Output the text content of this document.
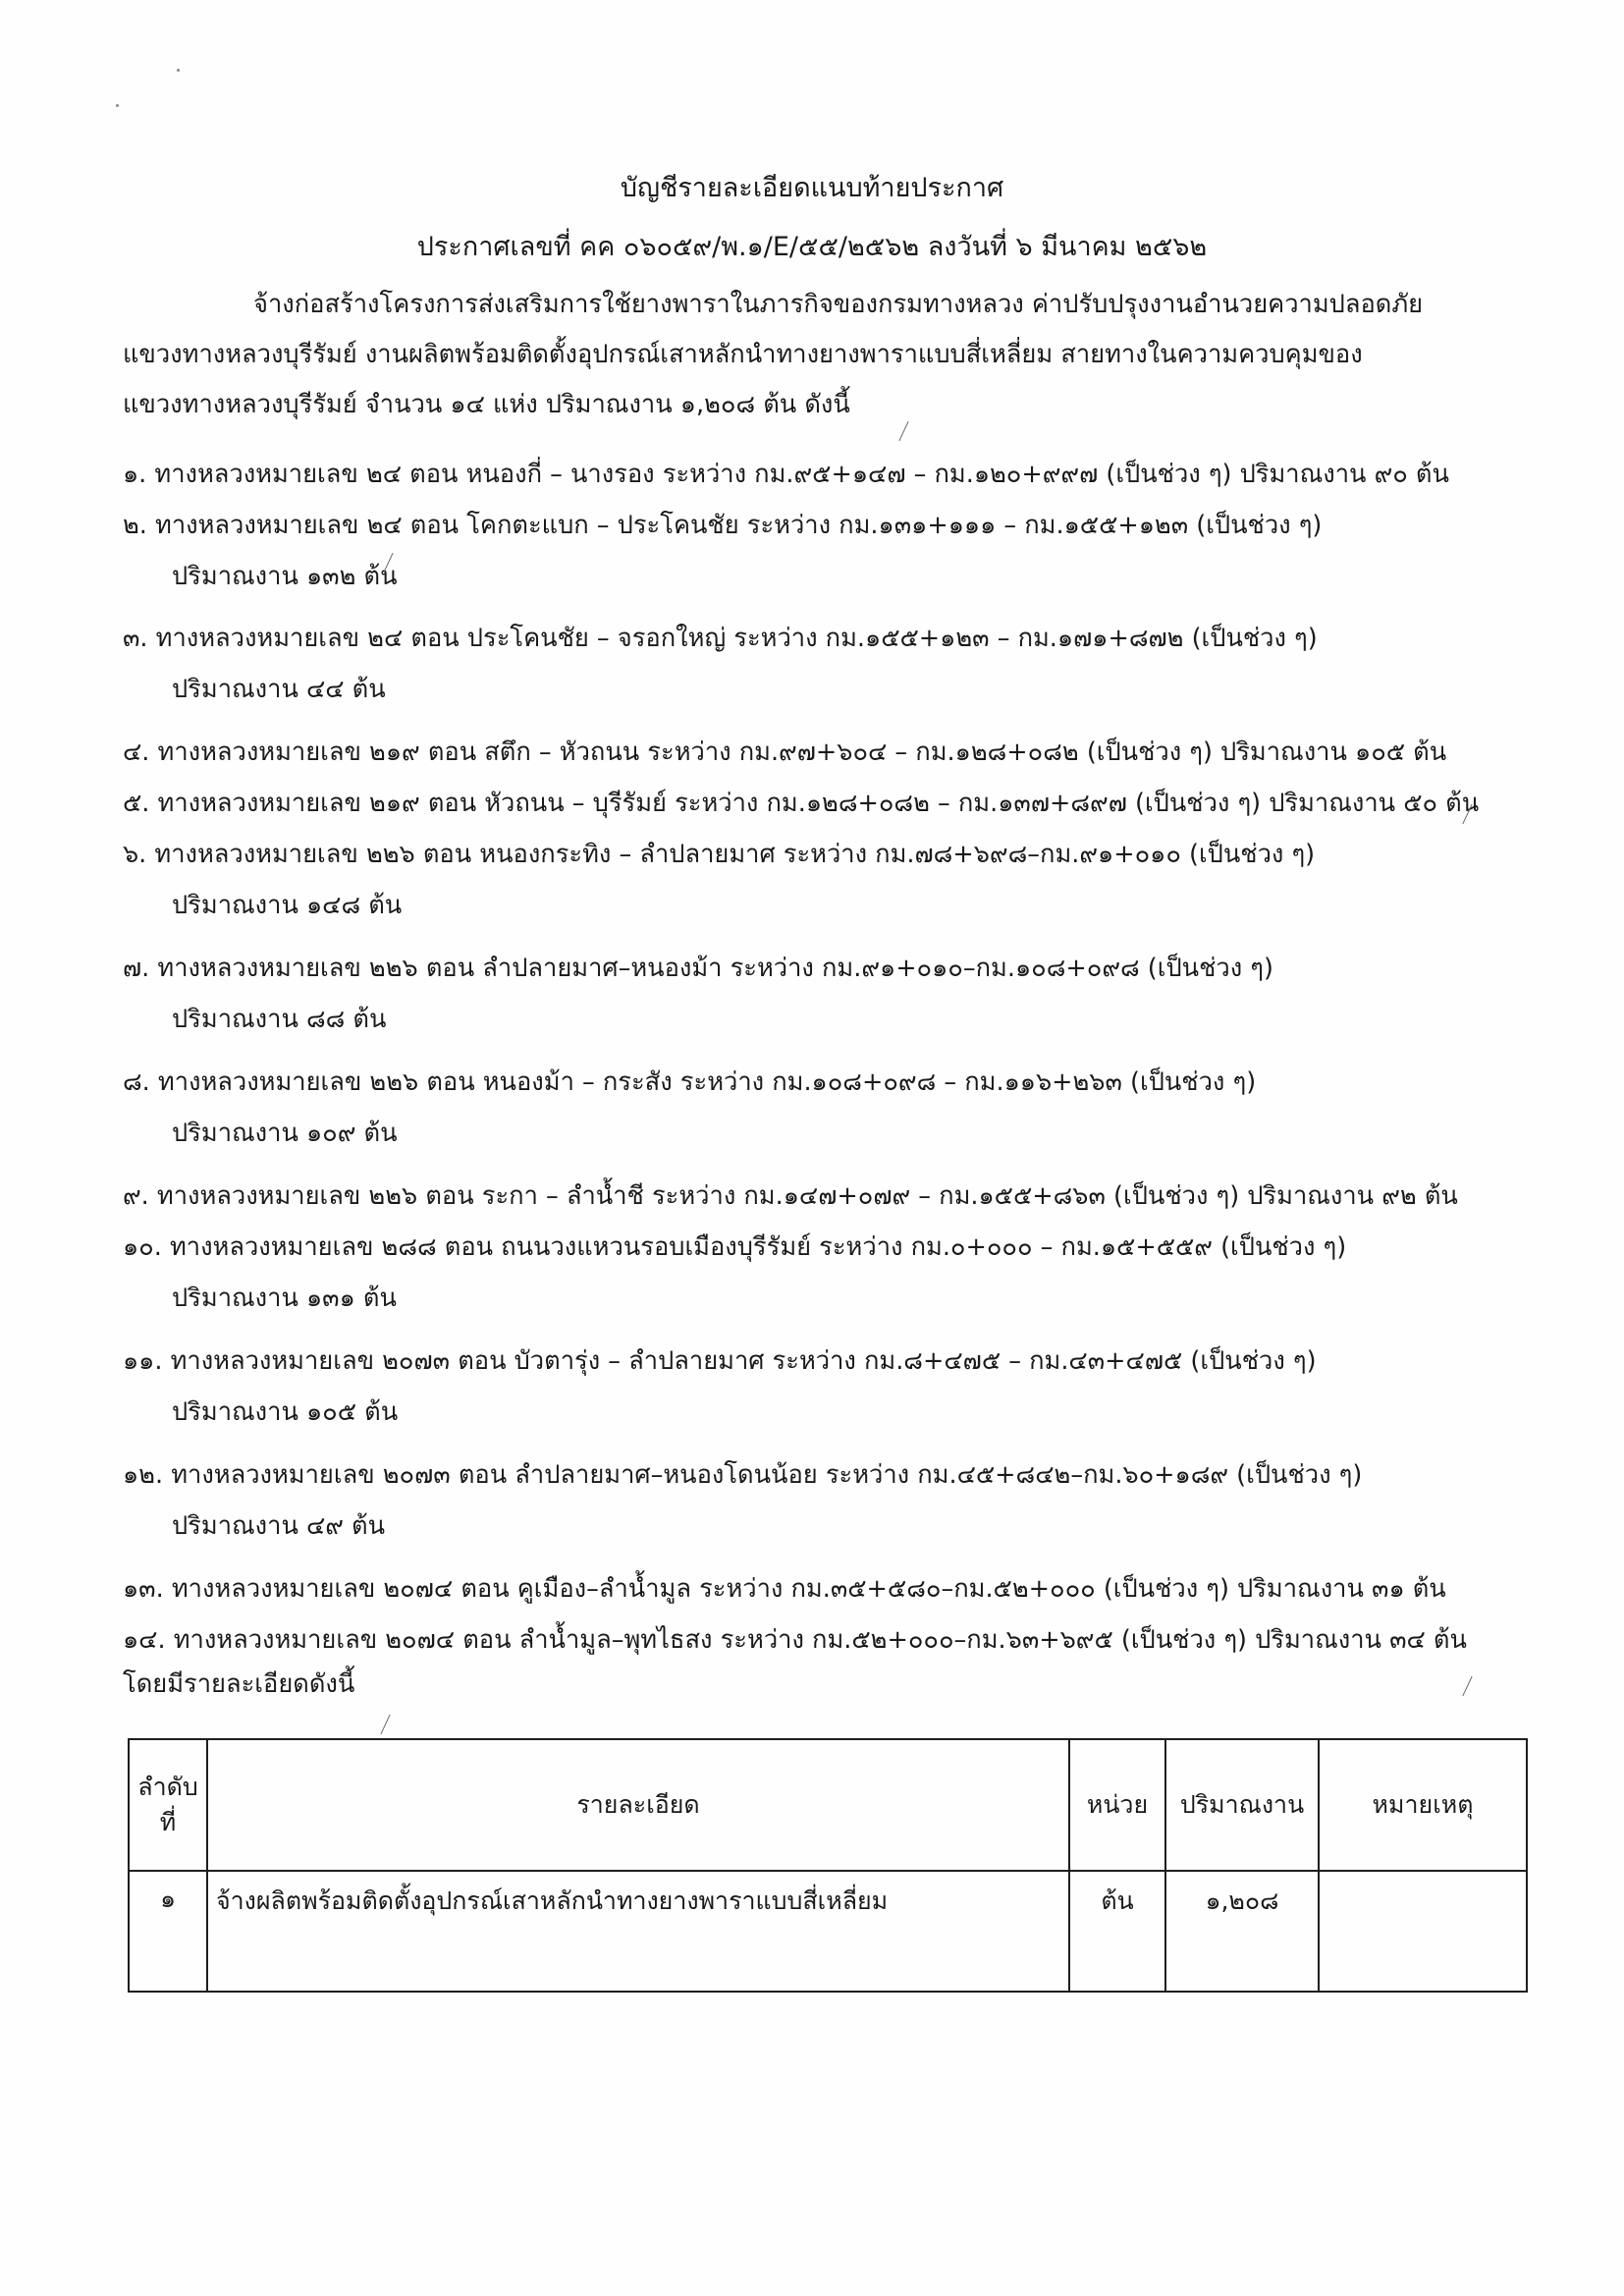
บัญชีรายละเอียดแนบท้ายประกาศ
ประกาศเลขที่ คค ๐๖๐๕๙/พ.๑/E/๕๕/๒๕๖๒ ลงวันที่ ๖ มีนาคม ๒๕๖๒
จ้างก่อสร้างโครงการส่งเสริมการใช้ยางพาราในภารกิจของกรมทางหลวง ค่าปรับปรุงงานอำนวยความปลอดภัย
แขวงทางหลวงบุรีรัมย์ งานผลิตพร้อมติดตั้งอุปกรณ์เสาหลักนำทางยางพาราแบบสี่เหลี่ยม สายทางในความควบคุมของ
แขวงทางหลวงบุรีรัมย์ จำนวน ๑๔ แห่ง ปริมาณงาน ๑,๒๐๘ ต้น ดังนี้
๑. ทางหลวงหมายเลข ๒๔ ตอน หนองกี่ – นางรอง ระหว่าง กม.๙๕+๑๔๗ – กม.๑๒๐+๙๙๗ (เป็นช่วง ๆ) ปริมาณงาน ๙๐ ต้น
๒. ทางหลวงหมายเลข ๒๔ ตอน โคกตะแบก – ประโคนชัย ระหว่าง กม.๑๓๑+๑๑๑ – กม.๑๕๕+๑๒๓ (เป็นช่วง ๆ)
ปริมาณงาน ๑๓๒ ต้น
๓. ทางหลวงหมายเลข ๒๔ ตอน ประโคนชัย – จรอกใหญ่ ระหว่าง กม.๑๕๕+๑๒๓ – กม.๑๗๑+๘๗๒ (เป็นช่วง ๆ)
ปริมาณงาน ๔๔ ต้น
๔. ทางหลวงหมายเลข ๒๑๙ ตอน สตึก – หัวถนน ระหว่าง กม.๙๗+๖๐๔ – กม.๑๒๘+๐๘๒ (เป็นช่วง ๆ) ปริมาณงาน ๑๐๕ ต้น
๕. ทางหลวงหมายเลข ๒๑๙ ตอน หัวถนน – บุรีรัมย์ ระหว่าง กม.๑๒๘+๐๘๒ – กม.๑๓๗+๘๙๗ (เป็นช่วง ๆ) ปริมาณงาน ๕๐ ต้น
๖. ทางหลวงหมายเลข ๒๒๖ ตอน หนองกระทิง – ลำปลายมาศ ระหว่าง กม.๗๘+๖๙๘–กม.๙๑+๐๑๐ (เป็นช่วง ๆ)
ปริมาณงาน ๑๔๘ ต้น
๗. ทางหลวงหมายเลข ๒๒๖ ตอน ลำปลายมาศ–หนองม้า ระหว่าง กม.๙๑+๐๑๐–กม.๑๐๘+๐๙๘ (เป็นช่วง ๆ)
ปริมาณงาน ๘๘ ต้น
๘. ทางหลวงหมายเลข ๒๒๖ ตอน หนองม้า – กระสัง ระหว่าง กม.๑๐๘+๐๙๘ – กม.๑๑๖+๒๖๓ (เป็นช่วง ๆ)
ปริมาณงาน ๑๐๙ ต้น
๙. ทางหลวงหมายเลข ๒๒๖ ตอน ระกา – ลำน้ำชี ระหว่าง กม.๑๔๗+๐๗๙ – กม.๑๕๕+๘๖๓ (เป็นช่วง ๆ) ปริมาณงาน ๙๒ ต้น
๑๐. ทางหลวงหมายเลข ๒๘๘ ตอน ถนนวงแหวนรอบเมืองบุรีรัมย์ ระหว่าง กม.๐+๐๐๐ – กม.๑๕+๕๕๙ (เป็นช่วง ๆ)
ปริมาณงาน ๑๓๑ ต้น
๑๑. ทางหลวงหมายเลข ๒๐๗๓ ตอน บัวตารุ่ง – ลำปลายมาศ ระหว่าง กม.๘+๔๗๕ – กม.๔๓+๔๗๕ (เป็นช่วง ๆ)
ปริมาณงาน ๑๐๕ ต้น
๑๒. ทางหลวงหมายเลข ๒๐๗๓ ตอน ลำปลายมาศ–หนองโดนน้อย ระหว่าง กม.๔๕+๘๔๒–กม.๖๐+๑๘๙ (เป็นช่วง ๆ)
ปริมาณงาน ๔๙ ต้น
๑๓. ทางหลวงหมายเลข ๒๐๗๔ ตอน คูเมือง–ลำน้ำมูล ระหว่าง กม.๓๕+๕๘๐–กม.๕๒+๐๐๐ (เป็นช่วง ๆ) ปริมาณงาน ๓๑ ต้น
๑๔. ทางหลวงหมายเลข ๒๐๗๔ ตอน ลำน้ำมูล–พุทไธสง ระหว่าง กม.๕๒+๐๐๐–กม.๖๓+๖๙๕ (เป็นช่วง ๆ) ปริมาณงาน ๓๔ ต้น
โดยมีรายละเอียดดังนี้
ลำดับ
ที่	รายละเอียด	หน่วย	ปริมาณงาน	หมายเหตุ
๑	จ้างผลิตพร้อมติดตั้งอุปกรณ์เสาหลักนำทางยางพาราแบบสี่เหลี่ยม	ต้น	๑,๒๐๘	
